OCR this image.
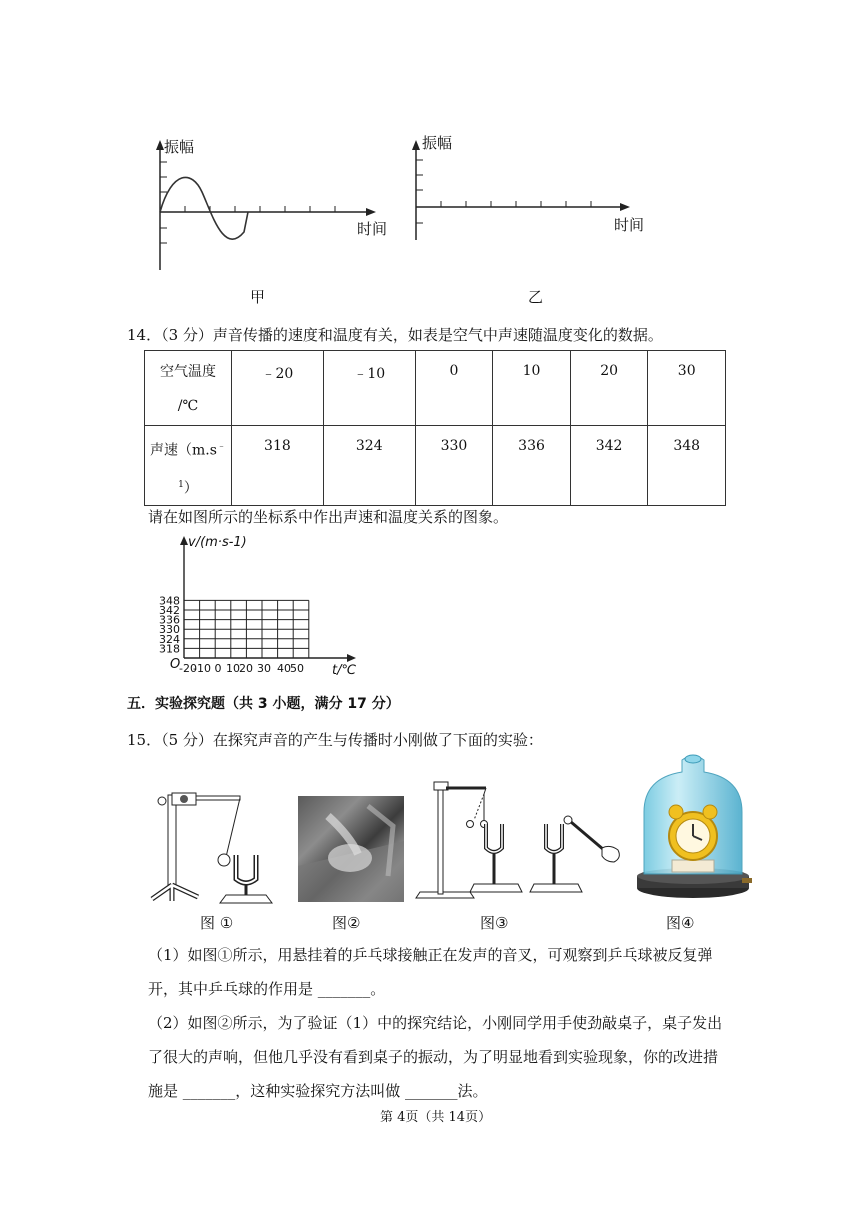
振幅
时间
甲
振幅
时间
乙
14．（3 分）声音传播的速度和温度有关，如表是空气中声速随温度变化的数据。
空气温度
/℃	﹣20	﹣10	0	10	20	30

声速（m.s﹣
$^1$）	318	324	330	336	342	348
请在如图所示的坐标系中作出声速和温度关系的图象。
348
342
336
330
324
318
-20
-10 0 10 20 30 40 50
O
v/(m·s-1)
t/℃
五．实验探究题（共 3 小题，满分 17 分）
15．（5 分）在探究声音的产生与传播时小刚做了下面的实验：
图 ①	图②	图③	图④
（1）如图①所示，用悬挂着的乒乓球接触正在发声的音叉，可观察到乒乓球被反复弹
开，其中乒乓球的作用是 _______。
（2）如图②所示，为了验证（1）中的探究结论，小刚同学用手使劲敲桌子，桌子发出
了很大的声响，但他几乎没有看到桌子的振动，为了明显地看到实验现象，你的改进措
施是 _______，这种实验探究方法叫做 _______法。
第 4页（共 14页）
